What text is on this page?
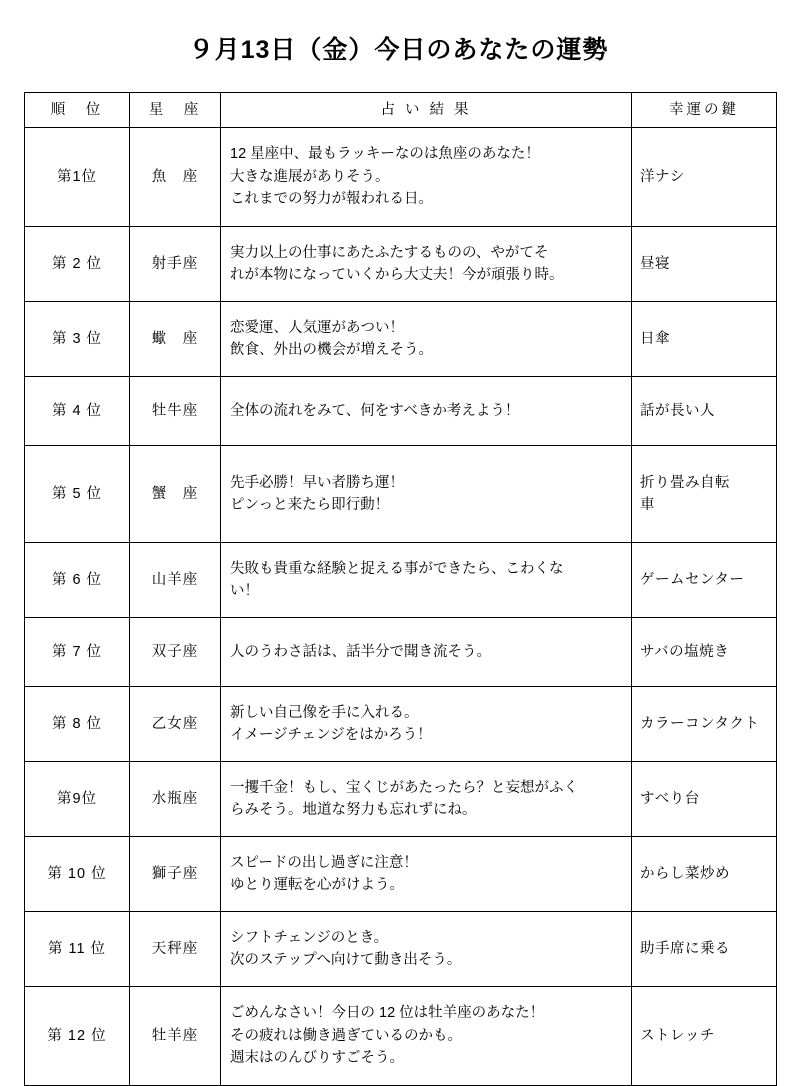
９月13日（金）今日のあなたの運勢
順　位	星　座	占 い 結 果	幸運の鍵
第1位	魚　座	12 星座中、最もラッキーなのは魚座のあなた！
大きな進展がありそう。
これまでの努力が報われる日。	洋ナシ

第 2 位	射手座	実力以上の仕事にあたふたするものの、やがてそ
れが本物になっていくから大丈夫！今が頑張り時。	昼寝

第 3 位	蠍　座	恋愛運、人気運があつい！
飲食、外出の機会が増えそう。	日傘

第 4 位	牡牛座	全体の流れをみて、何をすべきか考えよう！	話が長い人

第 5 位	蟹　座	先手必勝！早い者勝ち運！
ピンっと来たら即行動！	折り畳み自転
車

第 6 位	山羊座	失敗も貴重な経験と捉える事ができたら、こわくな
い！	ゲームセンター

第 7 位	双子座	人のうわさ話は、話半分で聞き流そう。	サバの塩焼き

第 8 位	乙女座	新しい自己像を手に入れる。
イメージチェンジをはかろう！	カラーコンタクト

第9位	水瓶座	一攫千金！もし、宝くじがあたったら？と妄想がふく
らみそう。地道な努力も忘れずにね。	すべり台

第 10 位	獅子座	スピードの出し過ぎに注意！
ゆとり運転を心がけよう。	からし菜炒め

第 11 位	天秤座	シフトチェンジのとき。
次のステップへ向けて動き出そう。	助手席に乗る

第 12 位	牡羊座	ごめんなさい！今日の 12 位は牡羊座のあなた！
その疲れは働き過ぎているのかも。
週末はのんびりすごそう。	ストレッチ
